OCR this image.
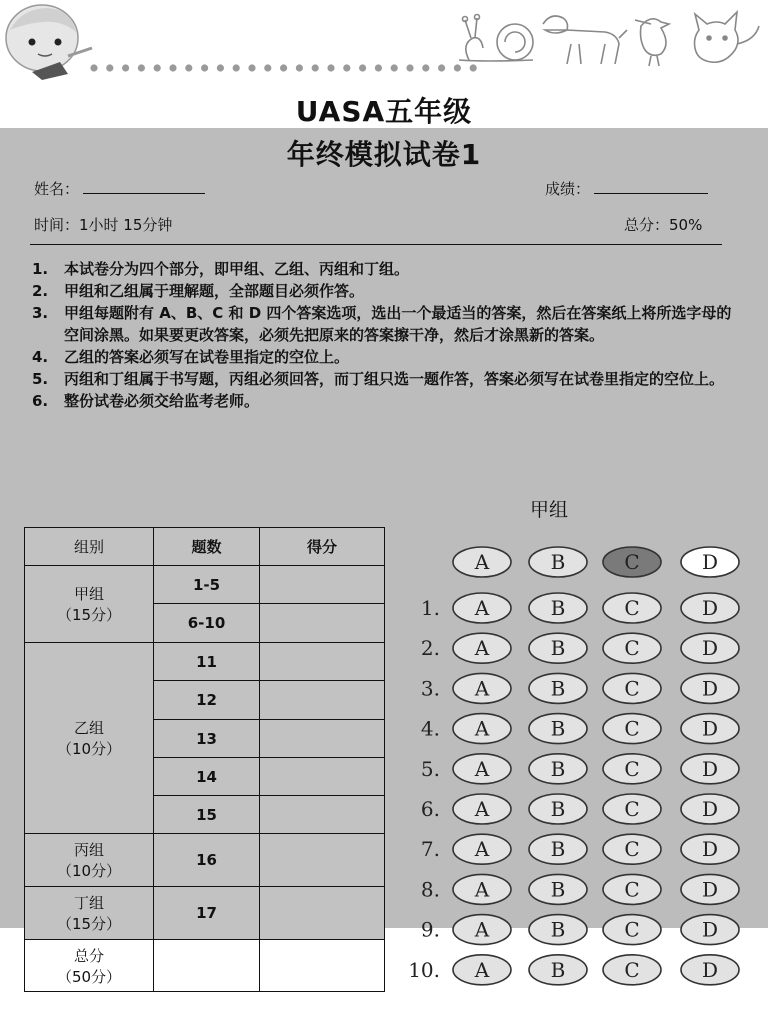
UASA五年级
年终模拟试卷1
姓名：	成绩：
时间：1小时 15分钟	总分：50%
1.	本试卷分为四个部分，即甲组、乙组、丙组和丁组。
2.	甲组和乙组属于理解题，全部题目必须作答。
3.	甲组每题附有 A、B、C 和 D 四个答案选项，选出一个最适当的答案，然后在答案纸上将所选字母的空间涂黑。如果要更改答案，必须先把原来的答案擦干净，然后才涂黑新的答案。
4.	乙组的答案必须写在试卷里指定的空位上。
5.	丙组和丁组属于书写题，丙组必须回答，而丁组只选一题作答，答案必须写在试卷里指定的空位上。
6.	整份试卷必须交给监考老师。
组别	题数	得分
甲组
（15分）	1-5	
	6-10	
乙组
（10分）	11	
	12	
	13	
	14	
	15	
丙组
（10分）	16	
丁组
（15分）	17	
总分
（50分）		
甲组
A	B	C	D
1. A	B	C	D
2. A	B	C	D
3. A	B	C	D
4. A	B	C	D
5. A	B	C	D
6. A	B	C	D
7. A	B	C	D
8. A	B	C	D
9. A	B	C	D
10. A	B	C	D
